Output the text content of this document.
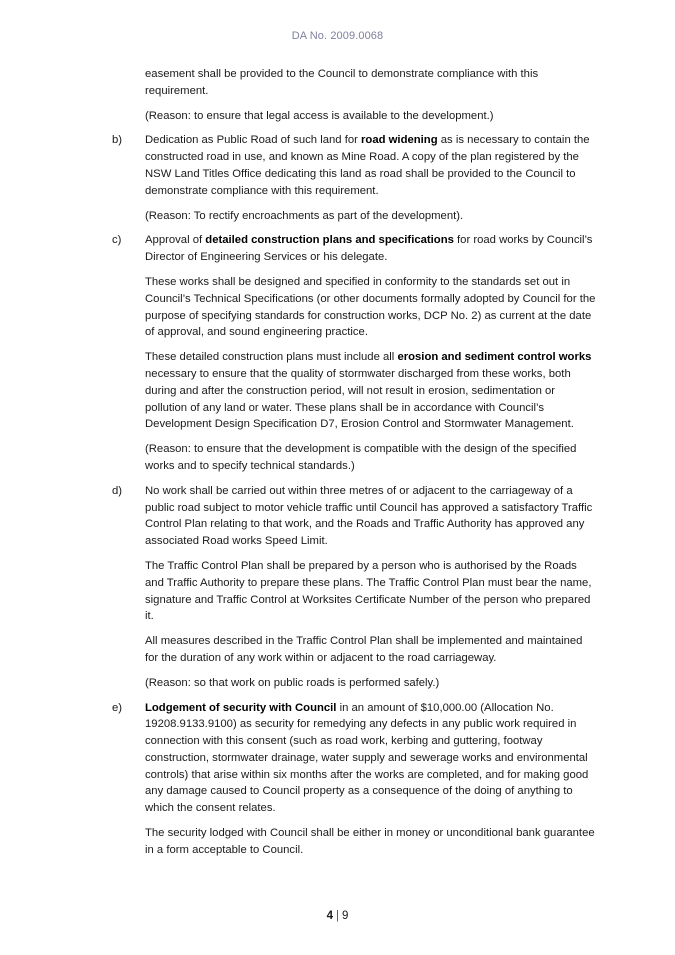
DA No. 2009.0068

easement shall be provided to the Council to demonstrate compliance with this requirement.

(Reason: to ensure that legal access is available to the development.)

b) Dedication as Public Road of such land for road widening as is necessary to contain the constructed road in use, and known as Mine Road. A copy of the plan registered by the NSW Land Titles Office dedicating this land as road shall be provided to the Council to demonstrate compliance with this requirement.

(Reason: To rectify encroachments as part of the development).

c) Approval of detailed construction plans and specifications for road works by Council’s Director of Engineering Services or his delegate.

These works shall be designed and specified in conformity to the standards set out in Council’s Technical Specifications (or other documents formally adopted by Council for the purpose of specifying standards for construction works, DCP No. 2) as current at the date of approval, and sound engineering practice.

These detailed construction plans must include all erosion and sediment control works necessary to ensure that the quality of stormwater discharged from these works, both during and after the construction period, will not result in erosion, sedimentation or pollution of any land or water. These plans shall be in accordance with Council’s Development Design Specification D7, Erosion Control and Stormwater Management.

(Reason: to ensure that the development is compatible with the design of the specified works and to specify technical standards.)

d) No work shall be carried out within three metres of or adjacent to the carriageway of a public road subject to motor vehicle traffic until Council has approved a satisfactory Traffic Control Plan relating to that work, and the Roads and Traffic Authority has approved any associated Road works Speed Limit.

The Traffic Control Plan shall be prepared by a person who is authorised by the Roads and Traffic Authority to prepare these plans. The Traffic Control Plan must bear the name, signature and Traffic Control at Worksites Certificate Number of the person who prepared it.

All measures described in the Traffic Control Plan shall be implemented and maintained for the duration of any work within or adjacent to the road carriageway.

(Reason: so that work on public roads is performed safely.)

e) Lodgement of security with Council in an amount of $10,000.00 (Allocation No. 19208.9133.9100) as security for remedying any defects in any public work required in connection with this consent (such as road work, kerbing and guttering, footway construction, stormwater drainage, water supply and sewerage works and environmental controls) that arise within six months after the works are completed, and for making good any damage caused to Council property as a consequence of the doing of anything to which the consent relates.

The security lodged with Council shall be either in money or unconditional bank guarantee in a form acceptable to Council.

4 | 9
